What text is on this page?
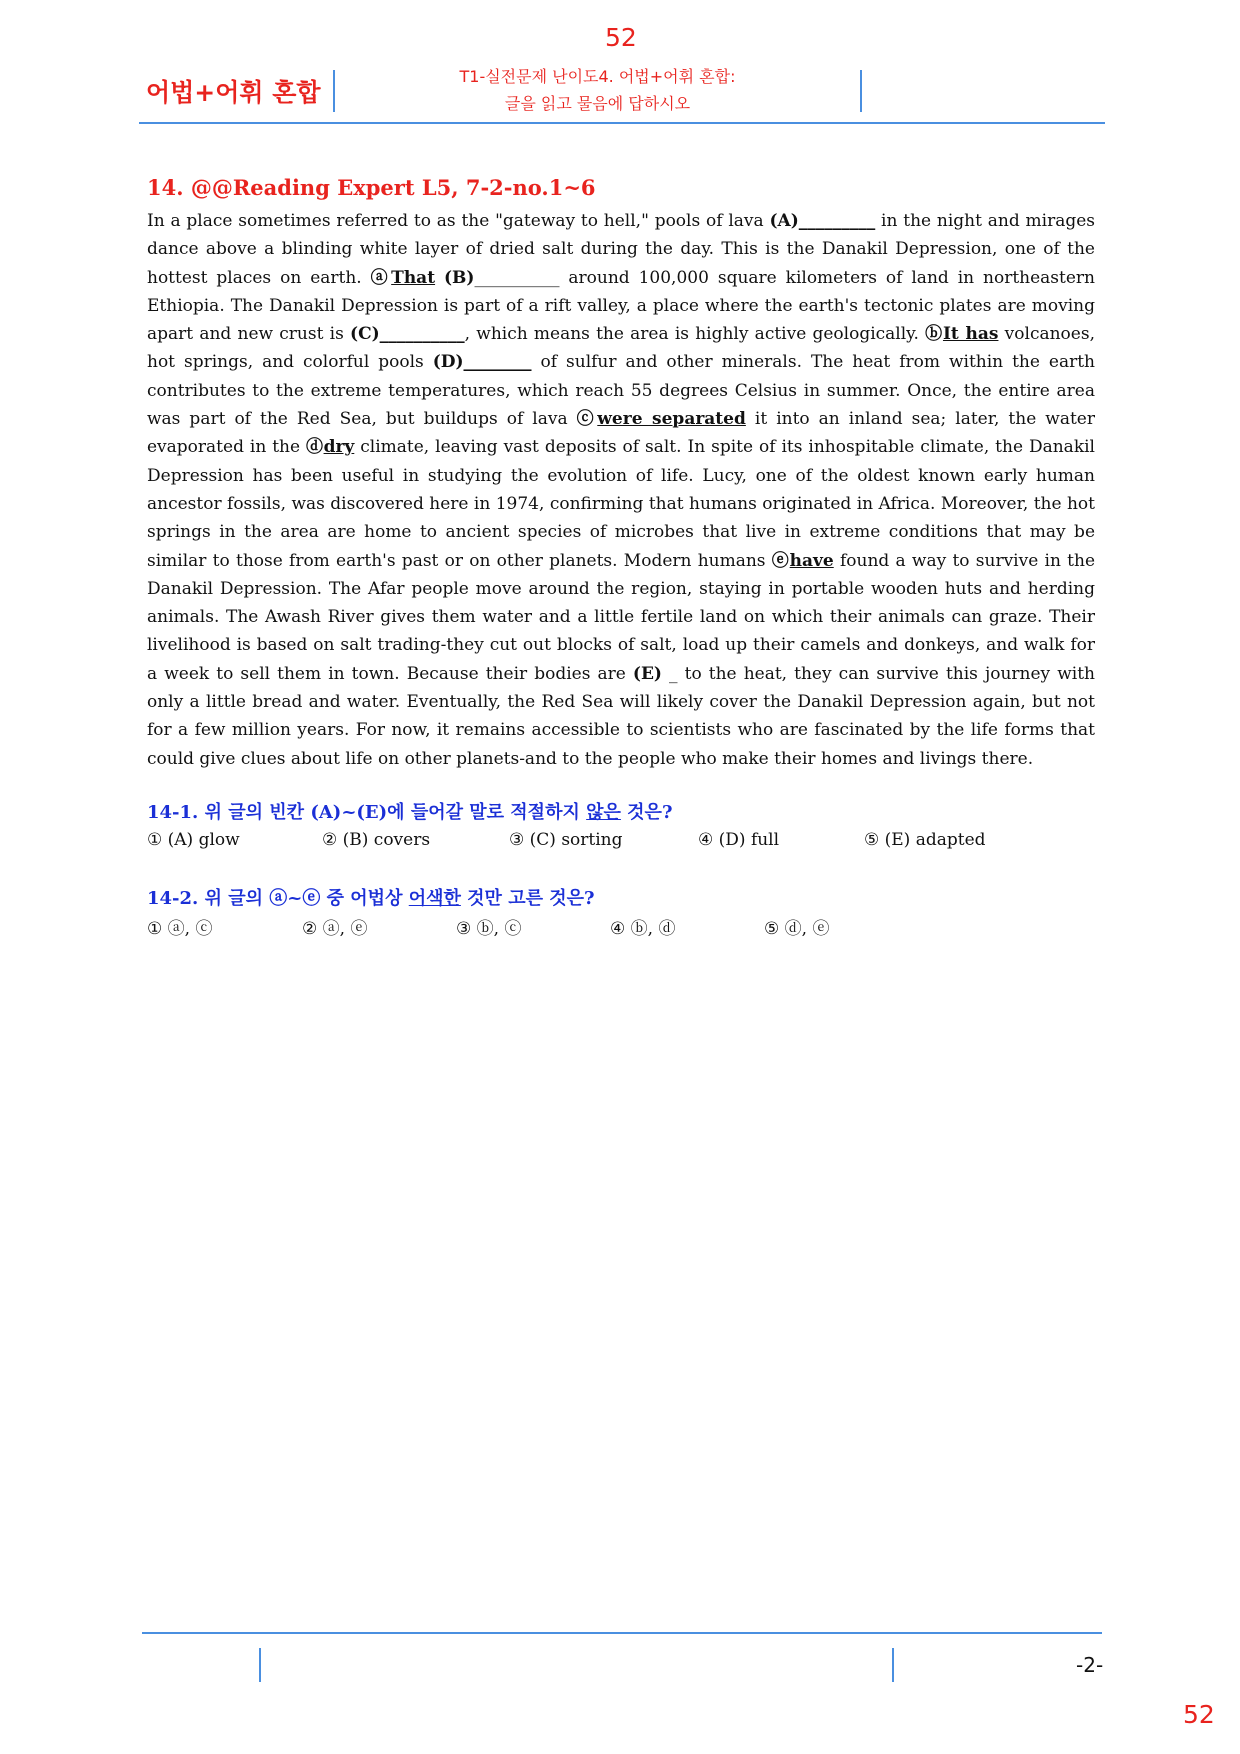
52
어법+어휘 혼합
T1-실전문제 난이도4. 어법+어휘 혼합:
글을 읽고 물음에 답하시오
14. @@Reading Expert L5, 7-2-no.1~6
In a place sometimes referred to as the "gateway to hell," pools of lava (A)_________ in the night and mirages dance above a blinding white layer of dried salt during the day. This is the Danakil Depression, one of the hottest places on earth. ⓐThat (B)__________ around 100,000 square kilometers of land in northeastern Ethiopia. The Danakil Depression is part of a rift valley, a place where the earth's tectonic plates are moving apart and new crust is (C)__________, which means the area is highly active geologically. ⓑIt has volcanoes, hot springs, and colorful pools (D)________ of sulfur and other minerals. The heat from within the earth contributes to the extreme temperatures, which reach 55 degrees Celsius in summer. Once, the entire area was part of the Red Sea, but buildups of lava ⓒwere separated it into an inland sea; later, the water evaporated in the ⓓdry climate, leaving vast deposits of salt. In spite of its inhospitable climate, the Danakil Depression has been useful in studying the evolution of life. Lucy, one of the oldest known early human ancestor fossils, was discovered here in 1974, confirming that humans originated in Africa. Moreover, the hot springs in the area are home to ancient species of microbes that live in extreme conditions that may be similar to those from earth's past or on other planets. Modern humans ⓔhave found a way to survive in the Danakil Depression. The Afar people move around the region, staying in portable wooden huts and herding animals. The Awash River gives them water and a little fertile land on which their animals can graze. Their livelihood is based on salt trading-they cut out blocks of salt, load up their camels and donkeys, and walk for a week to sell them in town. Because their bodies are (E) _ to the heat, they can survive this journey with only a little bread and water. Eventually, the Red Sea will likely cover the Danakil Depression again, but not for a few million years. For now, it remains accessible to scientists who are fascinated by the life forms that could give clues about life on other planets-and to the people who make their homes and livings there.
14-1. 위 글의 빈칸 (A)~(E)에 들어갈 말로 적절하지 않은 것은?
① (A) glow	② (B) covers	③ (C) sorting	④ (D) full	⑤ (E) adapted
14-2. 위 글의 ⓐ~ⓔ 중 어법상 어색한 것만 고른 것은?
① ⓐ, ⓒ	② ⓐ, ⓔ	③ ⓑ, ⓒ	④ ⓑ, ⓓ	⑤ ⓓ, ⓔ
-2-
52
